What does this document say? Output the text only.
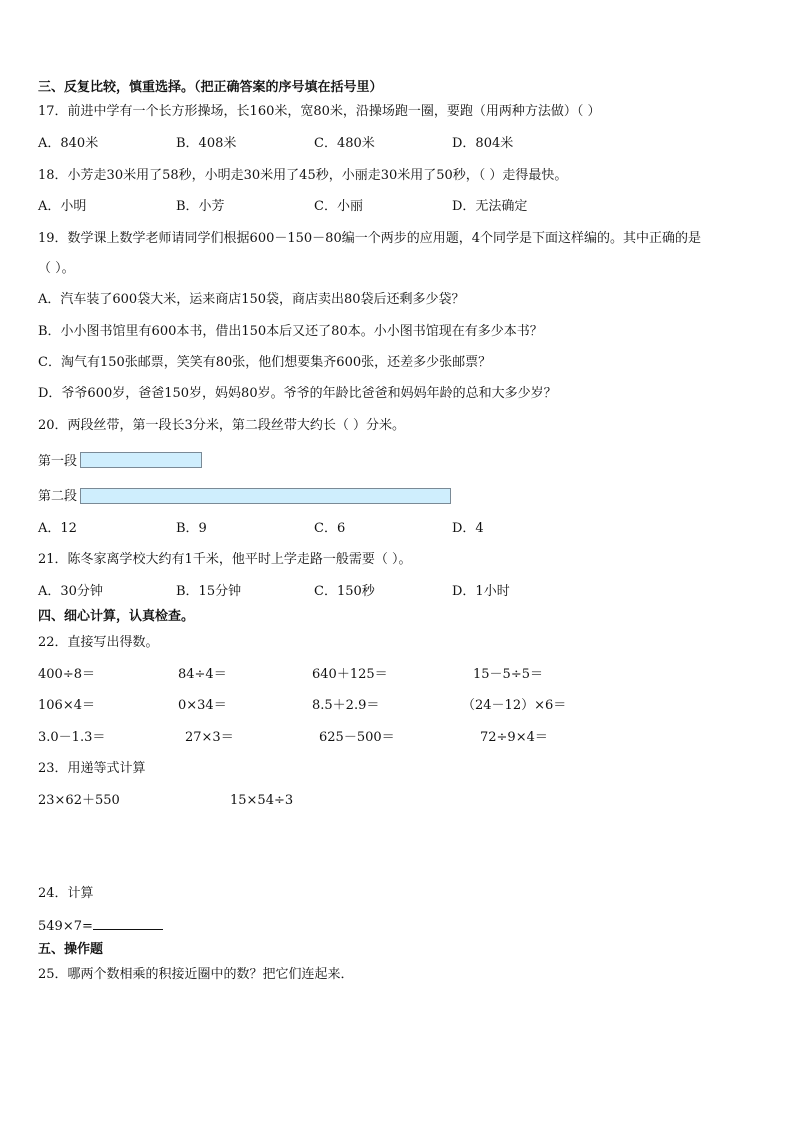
三、反复比较，慎重选择。（把正确答案的序号填在括号里）
17．前进中学有一个长方形操场，长160米，宽80米，沿操场跑一圈，要跑（用两种方法做）（ ）
A．840米	B．408米	C．480米	D．804米
18．小芳走30米用了58秒，小明走30米用了45秒，小丽走30米用了50秒，（ ）走得最快。
A．小明	B．小芳	C．小丽	D．无法确定
19．数学课上数学老师请同学们根据600－150－80编一个两步的应用题，4个同学是下面这样编的。其中正确的是
（ ）。
A．汽车装了600袋大米，运来商店150袋，商店卖出80袋后还剩多少袋？
B．小小图书馆里有600本书，借出150本后又还了80本。小小图书馆现在有多少本书？
C．淘气有150张邮票，笑笑有80张，他们想要集齐600张，还差多少张邮票？
D．爷爷600岁，爸爸150岁，妈妈80岁。爷爷的年龄比爸爸和妈妈年龄的总和大多少岁？
20．两段丝带，第一段长3分米，第二段丝带大约长（ ）分米。
第一段
第二段
A．12	B．9	C．6	D．4
21．陈冬家离学校大约有1千米，他平时上学走路一般需要（ ）。
A．30分钟	B．15分钟	C．150秒	D．1小时
四、细心计算，认真检查。
22．直接写出得数。
400÷8＝	84÷4＝	640＋125＝	15－5÷5＝
106×4＝	0×34＝	8.5＋2.9＝	（24－12）×6＝
3.0－1.3＝	27×3＝	625－500＝	72÷9×4＝
23．用递等式计算
23×62＋550	15×54÷3
24．计算
549×7=
五、操作题
25．哪两个数相乘的积接近圈中的数？把它们连起来．
